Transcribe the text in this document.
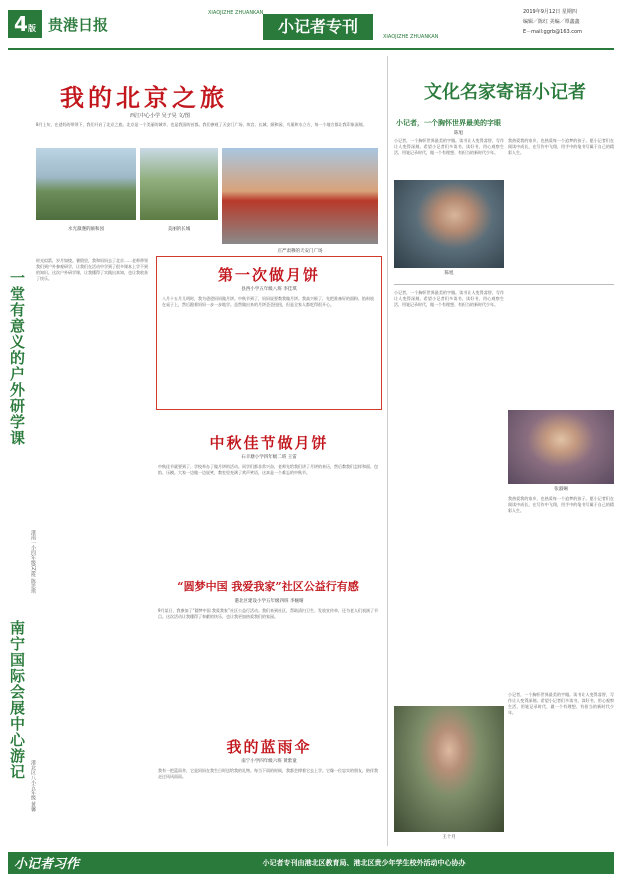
4版 贵港日报
XIAOJIZHE ZHUANKAN
小记者专刊
XIAOJIZHE ZHUANKAN
2019年9月12日 星期四
编辑／陈红 美编／覃鑫鑫
E－mail:ggrb@163.com
一堂有意义的户外研学课
港南一小四年级(2)班 陈思琪
南宁国际会展中心游记
港北区八小五年级 黄馨
我的北京之旅
西江中心小学 吴子昊 文/图
8月上旬，在爸妈的带领下，我们开启了北京之旅。北京是一个美丽的城市，也是我国的首都。我们参观了天安门广场、故宫、长城、颐和园、鸟巢和水立方，每一个地方都让我印象深刻。
水光潋滟的颐和园	美丽的长城
庄严肃穆的天安门广场
时光似箭，岁月如梭。暑假里，我和妈妈去了北京……老师带领我们到户外参观研学，让我们在活动中学到了很多课本上学不到的知识。这次户外研学课，让我懂得了实践出真知，也让我收获了快乐。	第一次做月饼
县西小学五年级八班 李佳琪
八月十五月儿明时，我为爸爸妈妈做月饼。中秋节到了，妈妈说要教我做月饼。我高兴极了，先把准备好的面粉、馅料放在桌子上，然后跟着妈妈一步一步地学。虽然做出来的月饼歪歪扭扭，但是全家人都吃得很开心。
中秋佳节做月饼
石羊塘小学四年级二班 王雷
中秋佳节就要到了，学校举办了做月饼的活动。同学们都非常兴奋，老师先给我们讲了月饼的来历，然后教我们怎样和面、包馅、压模。大家一边做一边说笑，教室里充满了欢声笑语，这真是一个难忘的中秋节。
“圆梦中国 我爱我家”社区公益行有感
港北区建设小学五年级四班 李婉晴
9月某日，我参加了“圆梦中国 我爱我家”社区公益行活动。我们来到社区，帮助清扫卫生、发放宣传单，还为老人们表演了节目。这次活动让我懂得了奉献的快乐，也让我更加热爱我们的家园。
我的蓝雨伞
南宁小学四年级六班 黄紫童
我有一把蓝雨伞，它是妈妈在我生日时送给我的礼物。每当下雨的时候，我都会撑着它去上学。它像一位忠实的朋友，陪伴我走过风风雨雨。
文化名家寄语小记者
小记者，一个胸怀世界最美的字眼
陈旭
小记者，一个胸怀世界最美的字眼。读书让人变得睿智，写作让人变得深刻。希望小记者们多读书、读好书，用心观察生活，用笔记录时代，做一个有理想、有担当的新时代少年。
陈旭
我热爱我的家乡，也热爱每一个追梦的孩子。愿小记者们在阅读中成长，在写作中飞翔，用手中的笔书写属于自己的精彩人生。
小记者，一个胸怀世界最美的字眼。读书让人变得睿智，写作让人变得深刻。希望小记者们多读书、读好书，用心观察生活，用笔记录时代，做一个有理想、有担当的新时代少年。
张淑娴
我热爱我的家乡，也热爱每一个追梦的孩子。愿小记者们在阅读中成长，在写作中飞翔，用手中的笔书写属于自己的精彩人生。
王十月
小记者，一个胸怀世界最美的字眼。读书让人变得睿智，写作让人变得深刻。希望小记者们多读书、读好书，用心观察生活，用笔记录时代，做一个有理想、有担当的新时代少年。
小记者习作	小记者专刊由港北区教育局、港北区贵少年学生校外活动中心协办
